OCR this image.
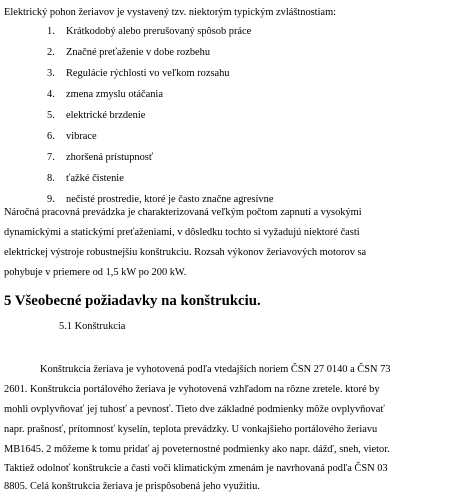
Elektrický pohon žeriavov je vystavený tzv. niektorým typickým zvláštnostiam:
1. Krátkodobý alebo prerušovaný spôsob práce
2. Značné preťaženie v dobe rozbehu
3. Regulácie rýchlosti vo veľkom rozsahu
4. zmena zmyslu otáčania
5. elektrické brzdenie
6. vibrace
7. zhoršená prístupnosť
8. ťažké čistenie
9. nečisté prostredie, ktoré je často značne agresívne
Náročná pracovná prevádzka je charakterizovaná veľkým počtom zapnutí a vysokými
dynamickými a statickými preťaženiami, v dôsledku tochto si vyžadujú niektoré časti
elektrickej výstroje robustnejšiu konštrukciu. Rozsah výkonov žeriavových motorov sa
pohybuje v priemere od 1,5 kW po 200 kW.
5 Všeobecné požiadavky na konštrukciu.
5.1 Konštrukcia
Konštrukcia žeriava je vyhotovená podľa vtedajších noriem ČSN 27 0140 a ČSN 73
2601. Konštrukcia portálového žeriava je vyhotovená vzhľadom na rôzne zretele. ktoré by
mohli ovplyvňovať jej tuhosť a pevnosť. Tieto dve základné podmienky môže ovplyvňovať
napr. prašnosť, prítomnosť kyselín, teplota prevádzky. U vonkajšieho portálového žeriavu
MB1645. 2 môžeme k tomu pridať aj poveternostné podmienky ako napr. dážď, sneh, vietor.
Taktiež odolnoť konštrukcie a časti voči klimatickým zmenám je navrhovaná podľa ČSN 03
8805. Celá konštrukcia žeriava je prispôsobená jeho využitiu.
